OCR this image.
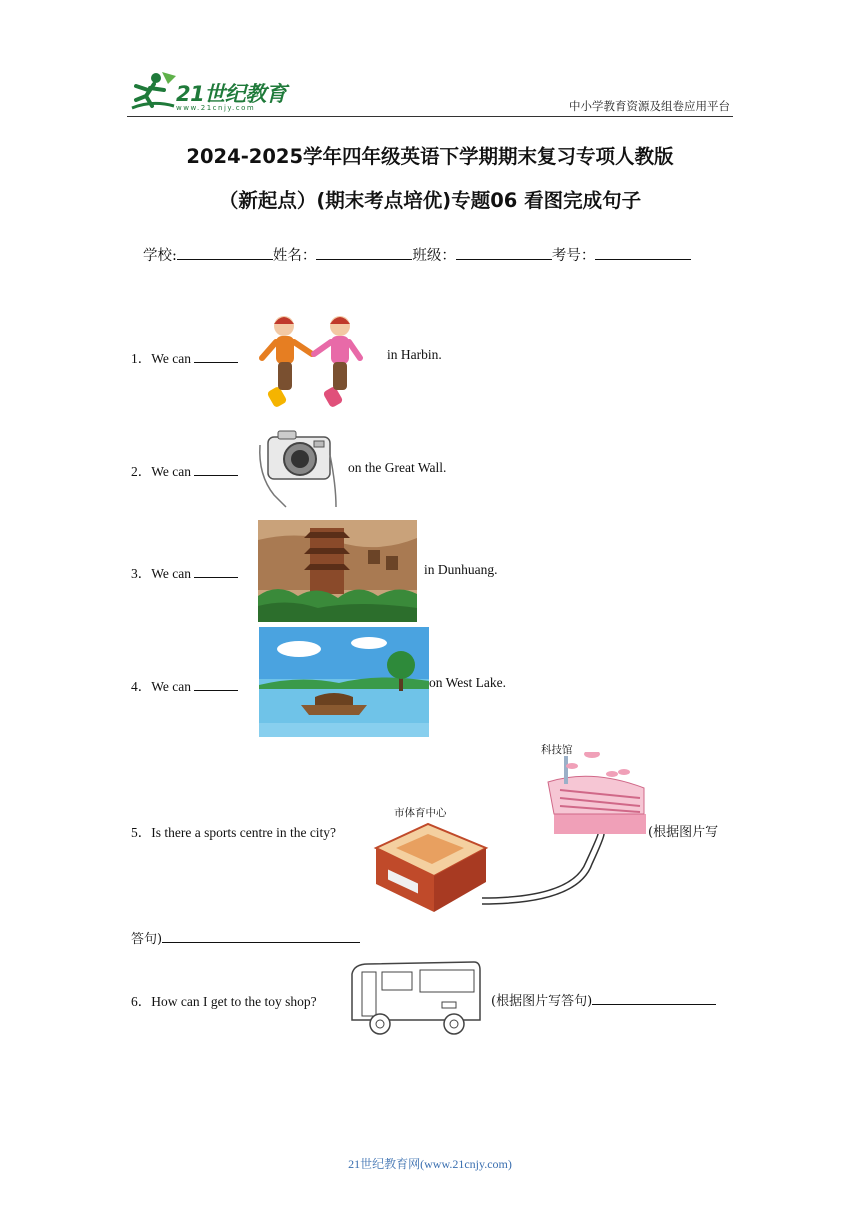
21世纪教育
www.21cnjy.com	中小学教育资源及组卷应用平台
2024-2025学年四年级英语下学期期末复习专项人教版
（新起点）(期末考点培优)专题06 看图完成句子
学校:	姓名：	班级：	考号：
1．We can	in Harbin.
2．We can	on the Great Wall.
3．We can	in Dunhuang.
4．We can	on West Lake.
5．Is there a sports centre in the city?
科技馆
市体育中心
(根据图片写
答句)
6．How can I get to the toy shop?	(根据图片写答句)
21世纪教育网(www.21cnjy.com)
